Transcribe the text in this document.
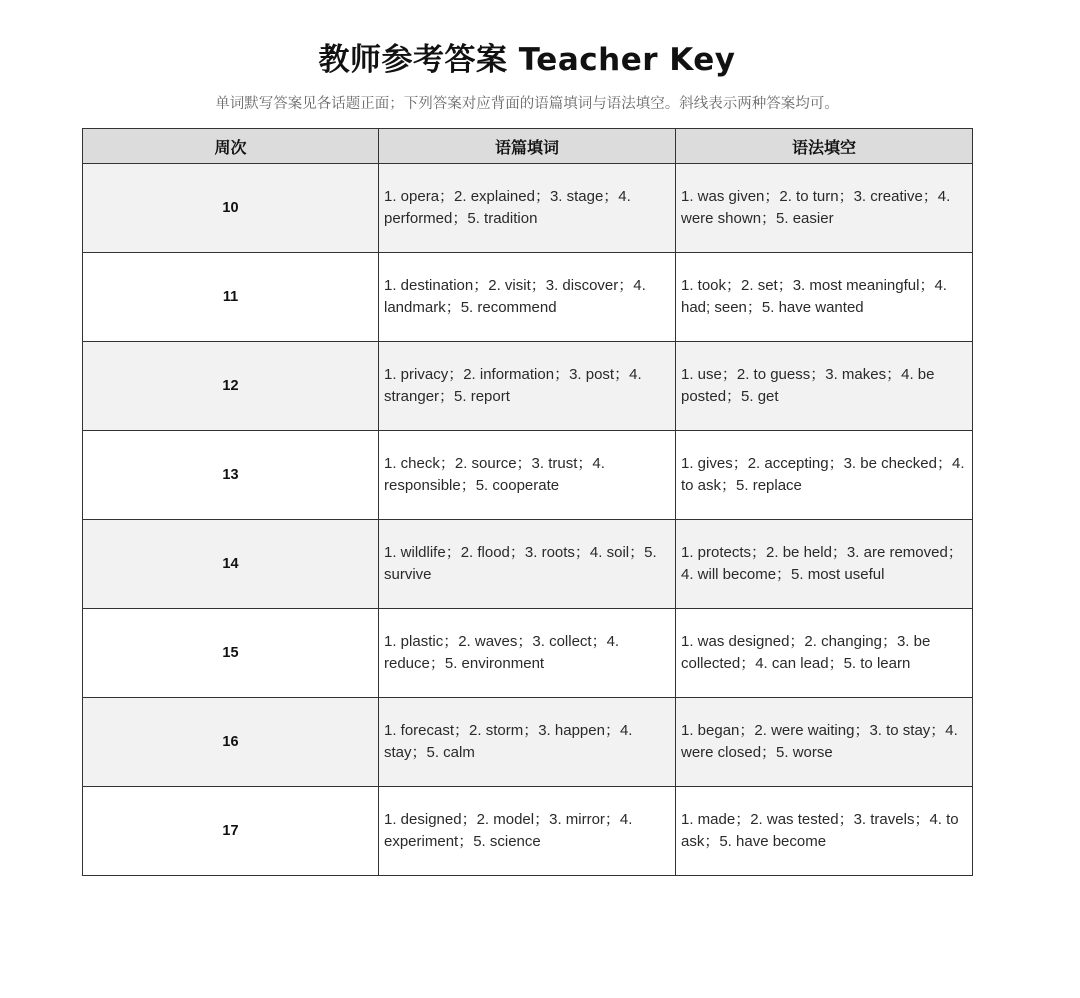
教师参考答案 Teacher Key
单词默写答案见各话题正面；下列答案对应背面的语篇填词与语法填空。斜线表示两种答案均可。
周次	语篇填词	语法填空
10	1. opera；2. explained；3. stage；4. performed；5. tradition	1. was given；2. to turn；3. creative；4. were shown；5. easier
11	1. destination；2. visit；3. discover；4. landmark；5. recommend	1. took；2. set；3. most meaningful；4. had; seen；5. have wanted
12	1. privacy；2. information；3. post；4. stranger；5. report	1. use；2. to guess；3. makes；4. be posted；5. get
13	1. check；2. source；3. trust；4. responsible；5. cooperate	1. gives；2. accepting；3. be checked；4. to ask；5. replace
14	1. wildlife；2. flood；3. roots；4. soil；5. survive	1. protects；2. be held；3. are removed；4. will become；5. most useful
15	1. plastic；2. waves；3. collect；4. reduce；5. environment	1. was designed；2. changing；3. be collected；4. can lead；5. to learn
16	1. forecast；2. storm；3. happen；4. stay；5. calm	1. began；2. were waiting；3. to stay；4. were closed；5. worse
17	1. designed；2. model；3. mirror；4. experiment；5. science	1. made；2. was tested；3. travels；4. to ask；5. have become
